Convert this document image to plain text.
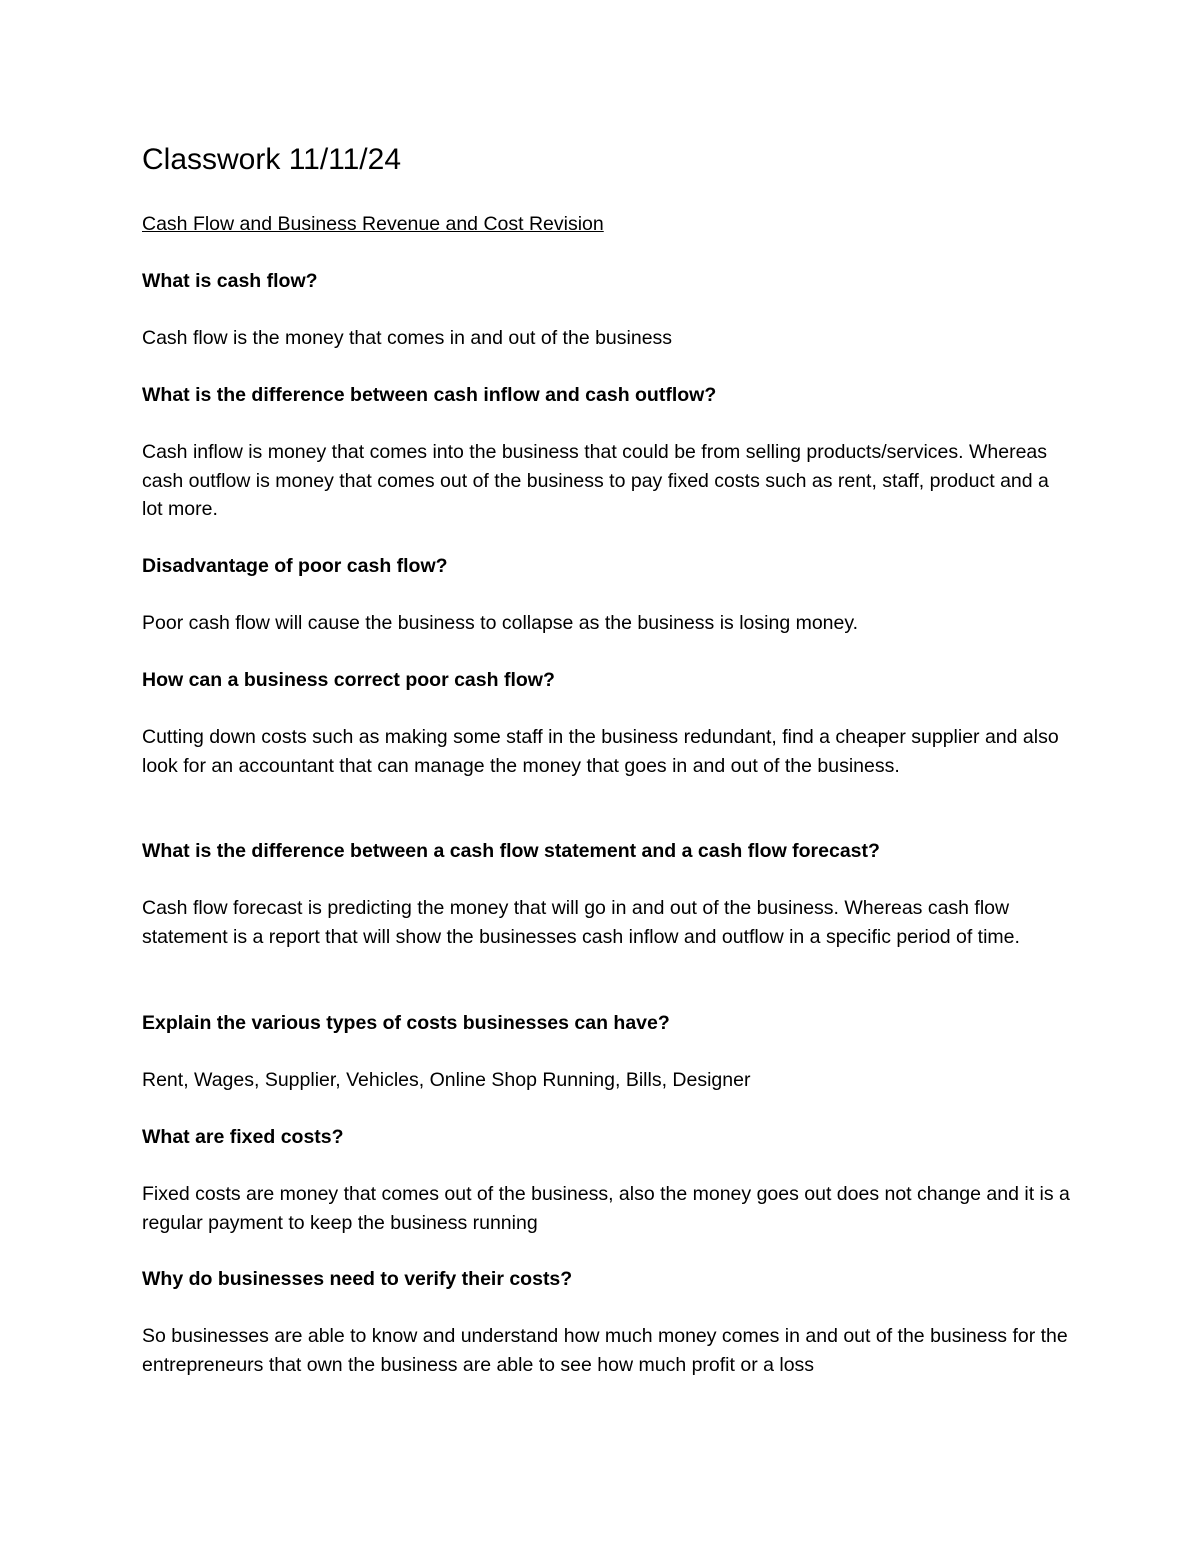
Classwork 11/11/24

Cash Flow and Business Revenue and Cost Revision

What is cash flow?

Cash flow is the money that comes in and out of the business

What is the difference between cash inflow and cash outflow?

Cash inflow is money that comes into the business that could be from selling products/services. Whereas cash outflow is money that comes out of the business to pay fixed costs such as rent, staff, product and a lot more.

Disadvantage of poor cash flow?

Poor cash flow will cause the business to collapse as the business is losing money.

How can a business correct poor cash flow?

Cutting down costs such as making some staff in the business redundant, find a cheaper supplier and also look for an accountant that can manage the money that goes in and out of the business.

What is the difference between a cash flow statement and a cash flow forecast?

Cash flow forecast is predicting the money that will go in and out of the business. Whereas cash flow statement is a report that will show the businesses cash inflow and outflow in a specific period of time.

Explain the various types of costs businesses can have?

Rent, Wages, Supplier, Vehicles, Online Shop Running, Bills, Designer

What are fixed costs?

Fixed costs are money that comes out of the business, also the money goes out does not change and it is a regular payment to keep the business running

Why do businesses need to verify their costs?

So businesses are able to know and understand how much money comes in and out of the business for the entrepreneurs that own the business are able to see how much profit or a loss
